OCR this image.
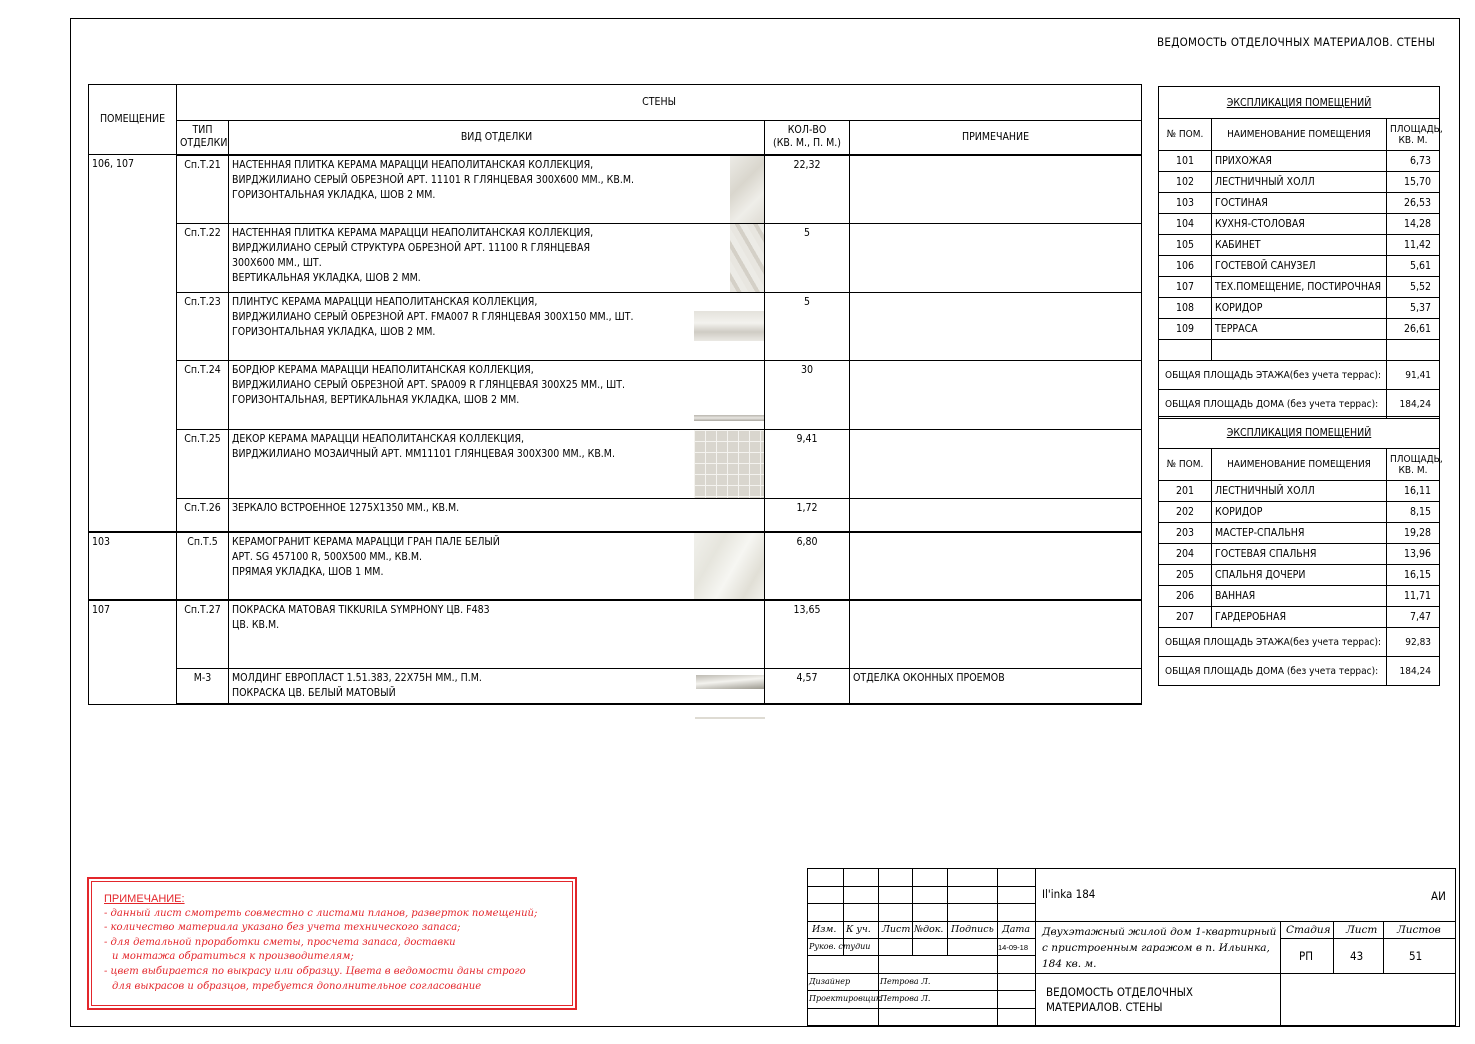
ВЕДОМОСТЬ ОТДЕЛОЧНЫХ МАТЕРИАЛОВ. СТЕНЫ
ПОМЕЩЕНИЕ	СТЕНЫ			
	ТИП
ОТДЕЛКИ	ВИД ОТДЕЛКИ	КОЛ-ВО
(КВ. М., П. М.)	ПРИМЕЧАНИЕ
106, 107	Сп.Т.21	НАСТЕННАЯ ПЛИТКА КЕРАМА МАРАЦЦИ НЕАПОЛИТАНСКАЯ КОЛЛЕКЦИЯ,
ВИРДЖИЛИАНО СЕРЫЙ ОБРЕЗНОЙ АРТ. 11101 R ГЛЯНЦЕВАЯ 300Х600 ММ., КВ.М.
ГОРИЗОНТАЛЬНАЯ УКЛАДКА, ШОВ 2 ММ.	22,32	
	Сп.Т.22	НАСТЕННАЯ ПЛИТКА КЕРАМА МАРАЦЦИ НЕАПОЛИТАНСКАЯ КОЛЛЕКЦИЯ,
ВИРДЖИЛИАНО СЕРЫЙ СТРУКТУРА ОБРЕЗНОЙ АРТ. 11100 R ГЛЯНЦЕВАЯ
300Х600 ММ., ШТ.
ВЕРТИКАЛЬНАЯ УКЛАДКА, ШОВ 2 ММ.	5	
	Сп.Т.23	ПЛИНТУС КЕРАМА МАРАЦЦИ НЕАПОЛИТАНСКАЯ КОЛЛЕКЦИЯ,
ВИРДЖИЛИАНО СЕРЫЙ ОБРЕЗНОЙ АРТ. FMA007 R ГЛЯНЦЕВАЯ 300Х150 ММ., ШТ.
ГОРИЗОНТАЛЬНАЯ УКЛАДКА, ШОВ 2 ММ.	5	
	Сп.Т.24	БОРДЮР КЕРАМА МАРАЦЦИ НЕАПОЛИТАНСКАЯ КОЛЛЕКЦИЯ,
ВИРДЖИЛИАНО СЕРЫЙ ОБРЕЗНОЙ АРТ. SPA009 R ГЛЯНЦЕВАЯ 300Х25 ММ., ШТ.
ГОРИЗОНТАЛЬНАЯ, ВЕРТИКАЛЬНАЯ УКЛАДКА, ШОВ 2 ММ.	30	
	Сп.Т.25	ДЕКОР КЕРАМА МАРАЦЦИ НЕАПОЛИТАНСКАЯ КОЛЛЕКЦИЯ,
ВИРДЖИЛИАНО МОЗАИЧНЫЙ АРТ. MM11101 ГЛЯНЦЕВАЯ 300Х300 ММ., КВ.М.	9,41	
	Сп.Т.26	ЗЕРКАЛО ВСТРОЕННОЕ 1275Х1350 ММ., КВ.М.	1,72	
103	Сп.Т.5	КЕРАМОГРАНИТ КЕРАМА МАРАЦЦИ ГРАН ПАЛЕ БЕЛЫЙ
АРТ. SG 457100 R, 500Х500 ММ., КВ.М.
ПРЯМАЯ УКЛАДКА, ШОВ 1 ММ.	6,80	
107	Сп.Т.27	ПОКРАСКА МАТОВАЯ TIKKURILA SYMPHONY ЦВ. F483
ЦВ. КВ.М.	13,65	
	М-3	МОЛДИНГ ЕВРОПЛАСТ 1.51.383, 22Х75Н ММ., П.М.
ПОКРАСКА ЦВ. БЕЛЫЙ МАТОВЫЙ	4,57	ОТДЕЛКА ОКОННЫХ ПРОЕМОВ
ЭКСПЛИКАЦИЯ ПОМЕЩЕНИЙ		
№ ПОМ.	НАИМЕНОВАНИЕ ПОМЕЩЕНИЯ	ПЛОЩАДЬ,
КВ. М.
101	ПРИХОЖАЯ	6,73
102	ЛЕСТНИЧНЫЙ ХОЛЛ	15,70
103	ГОСТИНАЯ	26,53
104	КУХНЯ-СТОЛОВАЯ	14,28
105	КАБИНЕТ	11,42
106	ГОСТЕВОЙ САНУЗЕЛ	5,61
107	ТЕХ.ПОМЕЩЕНИЕ, ПОСТИРОЧНАЯ	5,52
108	КОРИДОР	5,37
109	ТЕРРАСА	26,61

ОБЩАЯ ПЛОЩАДЬ ЭТАЖА(без учета террас):		91,41
ОБЩАЯ ПЛОЩАДЬ ДОМА (без учета террас):		184,24
ЭКСПЛИКАЦИЯ ПОМЕЩЕНИЙ		
№ ПОМ.	НАИМЕНОВАНИЕ ПОМЕЩЕНИЯ	ПЛОЩАДЬ,
КВ. М.
201	ЛЕСТНИЧНЫЙ ХОЛЛ	16,11
202	КОРИДОР	8,15
203	МАСТЕР-СПАЛЬНЯ	19,28
204	ГОСТЕВАЯ СПАЛЬНЯ	13,96
205	СПАЛЬНЯ ДОЧЕРИ	16,15
206	ВАННАЯ	11,71
207	ГАРДЕРОБНАЯ	7,47
ОБЩАЯ ПЛОЩАДЬ ЭТАЖА(без учета террас):		92,83
ОБЩАЯ ПЛОЩАДЬ ДОМА (без учета террас):		184,24
ПРИМЕЧАНИЕ:
- данный лист смотреть совместно с листами планов, разверток помещений;
- количество материала указано без учета технического запаса;
- для детальной проработки сметы, просчета запаса, доставки
и монтажа обратиться к производителям;
- цвет выбирается по выкрасу или образцу. Цвета в ведомости даны строго
для выкрасов и образцов, требуется дополнительное согласование
Il'inka 184	АИ
Изм. К уч. Лист №док. Подпись Дата
Руков. студии	14-09-18
Дизайнер	Петрова Л.
Проектировщик Петрова Л.
Двухэтажный жилой дом 1-квартирный
с пристроенным гаражом в п. Ильинка,
184 кв. м.
Стадия Лист Листов
РП	43	51
ВЕДОМОСТЬ ОТДЕЛОЧНЫХ
МАТЕРИАЛОВ. СТЕНЫ
